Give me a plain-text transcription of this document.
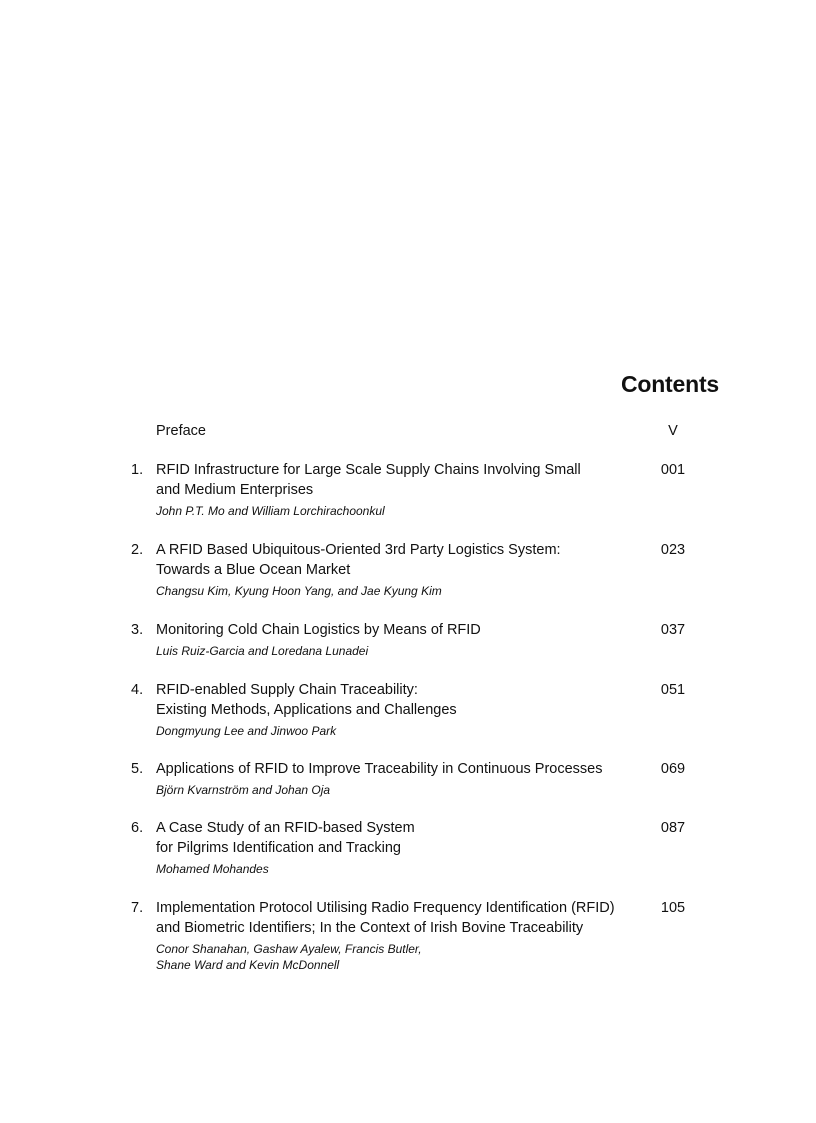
Contents
Preface	V
1. RFID Infrastructure for Large Scale Supply Chains Involving Small
and Medium Enterprises
John P.T. Mo and William Lorchirachoonkul
001
2. A RFID Based Ubiquitous-Oriented 3rd Party Logistics System:
Towards a Blue Ocean Market
Changsu Kim, Kyung Hoon Yang, and Jae Kyung Kim
023
3. Monitoring Cold Chain Logistics by Means of RFID
Luis Ruiz-Garcia and Loredana Lunadei
037
4. RFID-enabled Supply Chain Traceability:
Existing Methods, Applications and Challenges
Dongmyung Lee and Jinwoo Park
051
5. Applications of RFID to Improve Traceability in Continuous Processes
Björn Kvarnström and Johan Oja
069
6. A Case Study of an RFID-based System
for Pilgrims Identification and Tracking
Mohamed Mohandes
087
7. Implementation Protocol Utilising Radio Frequency Identification (RFID)
and Biometric Identifiers; In the Context of Irish Bovine Traceability
Conor Shanahan, Gashaw Ayalew, Francis Butler,
Shane Ward and Kevin McDonnell
105
